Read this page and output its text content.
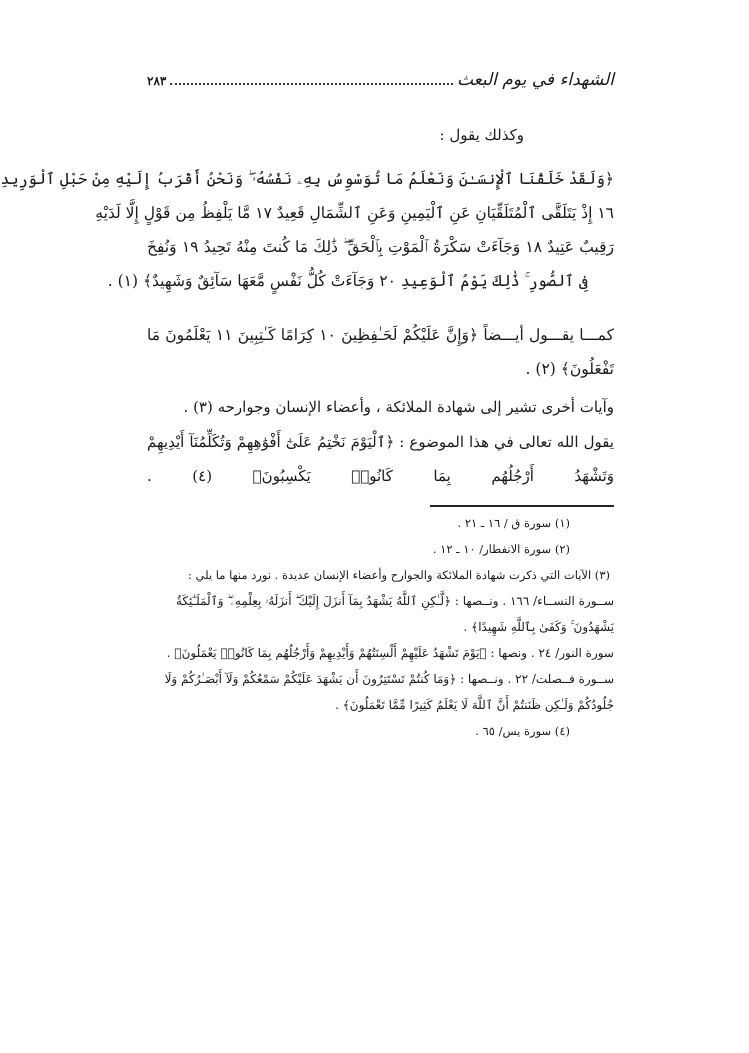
الشهداء في يوم البعث
٢٨٣
وكذلك يقول :
﴿وَلَقَدْ خَلَقْنَا ٱلْإِنسَـٰنَ وَنَعْلَمُ مَا تُوَسْوِسُ بِهِۦ نَفْسُهُۥ ۖ وَنَحْنُ أَقْرَبُ إِلَيْهِ مِنْ حَبْلِ ٱلْوَرِيدِ
١٦ إِذْ يَتَلَقَّى ٱلْمُتَلَقِّيَانِ عَنِ ٱلْيَمِينِ وَعَنِ ٱلشِّمَالِ قَعِيدٌ ١٧ مَّا يَلْفِظُ مِن قَوْلٍ إِلَّا لَدَيْهِ
رَقِيبٌ عَتِيدٌ ١٨ وَجَآءَتْ سَكْرَةُ ٱلْمَوْتِ بِٱلْحَقِّ ۖ ذَٰلِكَ مَا كُنتَ مِنْهُ تَحِيدُ ١٩ وَنُفِخَ
فِى ٱلصُّورِ ۚ ذَٰلِكَ يَوْمُ ٱلْوَعِيدِ ٢٠ وَجَآءَتْ كُلُّ نَفْسٍ مَّعَهَا سَآئِقٌ وَشَهِيدٌ﴾ (١) .
كمـــا يقـــول أيـــضاً ﴿وَإِنَّ عَلَيْكُمْ لَحَـٰفِظِينَ ١٠ كِرَامًا كَـٰتِبِينَ ١١ يَعْلَمُونَ مَا
تَفْعَلُونَ﴾ (٢) .
وآيات أخرى تشير إلى شهادة الملائكة ، وأعضاء الإنسان وجوارحه (٣) .
يقول الله تعالى في هذا الموضوع : ﴿ٱلْيَوْمَ نَخْتِمُ عَلَىٰٓ أَفْوَٰهِهِمْ وَتُكَلِّمُنَآ أَيْدِيهِمْ
وَتَشْهَدُ أَرْجُلُهُم بِمَا كَانُوا۟ يَكْسِبُونَ﴾ (٤) .
(١) سورة ق / ١٦ ـ ٢١ .
(٢) سورة الانفطار/ ١٠ ـ ١٢ .
(٣) الآيات التي ذكرت شهادة الملائكة والجوارح وأعضاء الإنسان عديدة . نورد منها ما يلي :
ســورة النســاء/ ١٦٦ . ونــصها : ﴿لَّـٰكِنِ ٱللَّهُ يَشْهَدُ بِمَآ أَنزَلَ إِلَيْكَ ۖ أَنزَلَهُۥ بِعِلْمِهِۦ ۖ وَٱلْمَلَـٰٓئِكَةُ
يَشْهَدُونَ ۚ وَكَفَىٰ بِٱللَّهِ شَهِيدًا﴾ .
سورة النور/ ٢٤ . ونصها : ﴿يَوْمَ تَشْهَدُ عَلَيْهِمْ أَلْسِنَتُهُمْ وَأَيْدِيهِمْ وَأَرْجُلُهُم بِمَا كَانُوا۟ يَعْمَلُونَ﴾ .
ســورة فــصلت/ ٢٢ . ونــصها : ﴿وَمَا كُنتُمْ تَسْتَتِرُونَ أَن يَشْهَدَ عَلَيْكُمْ سَمْعُكُمْ وَلَآ أَبْصَـٰرُكُمْ وَلَا
جُلُودُكُمْ وَلَـٰكِن ظَنَنتُمْ أَنَّ ٱللَّهَ لَا يَعْلَمُ كَثِيرًا مِّمَّا تَعْمَلُونَ﴾ .
(٤) سورة يس/ ٦٥ .
